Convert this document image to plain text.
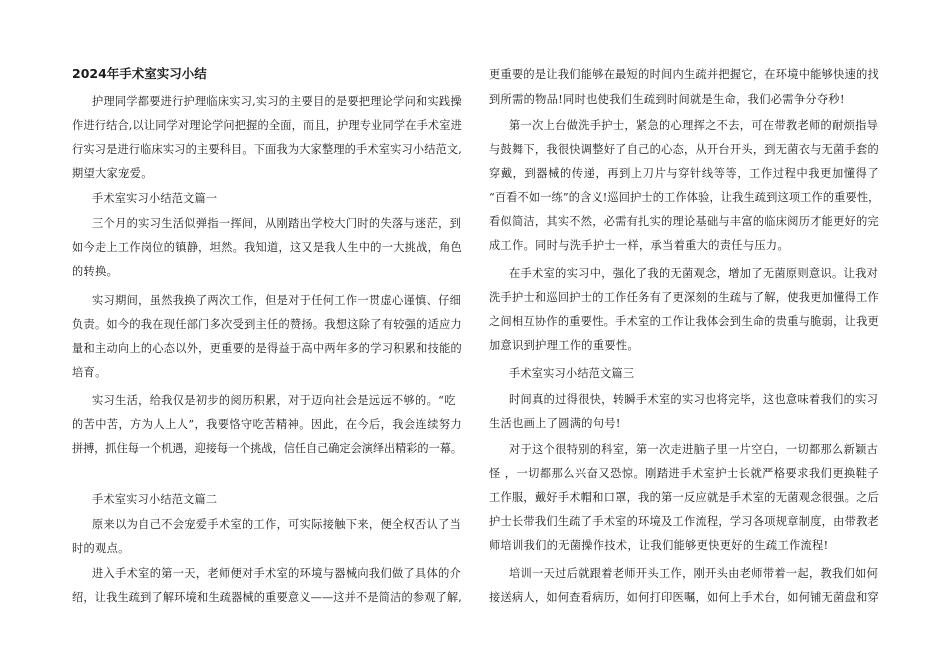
2024年手术室实习小结
护理同学都要进行护理临床实习,实习的主要目的是要把理论学问和实践操
作进行结合,以让同学对理论学问把握的全面，而且，护理专业同学在手术室进
行实习是进行临床实习的主要科目。下面我为大家整理的手术室实习小结范文,
期望大家宠爱。
手术室实习小结范文篇一
三个月的实习生活似弹指一挥间，从刚踏出学校大门时的失落与迷茫，到
如今走上工作岗位的镇静，坦然。我知道，这又是我人生中的一大挑战，角色
的转换。
实习期间，虽然我换了两次工作，但是对于任何工作一贯虚心谨慎、仔细
负责。如今的我在现任部门多次受到主任的赞扬。我想这除了有较强的适应力
量和主动向上的心态以外，更重要的是得益于高中两年多的学习积累和技能的
培育。
实习生活，给我仅是初步的阅历积累，对于迈向社会是远远不够的。“吃
的苦中苦，方为人上人”，我要恪守吃苦精神。因此，在今后，我会连续努力
拼搏，抓住每一个机遇，迎接每一个挑战，信任自己确定会演绎出精彩的一幕。
手术室实习小结范文篇二
原来以为自己不会宠爱手术室的工作，可实际接触下来，便全权否认了当
时的观点。
进入手术室的第一天，老师便对手术室的环境与器械向我们做了具体的介
绍，让我生疏到了解环境和生疏器械的重要意义——这并不是简洁的参观了解,
更重要的是让我们能够在最短的时间内生疏并把握它，在环境中能够快速的找
到所需的物品!同时也使我们生疏到时间就是生命，我们必需争分夺秒!
第一次上台做洗手护士，紧急的心理挥之不去，可在带教老师的耐烦指导
与鼓舞下，我很快调整好了自己的心态，从开台开头，到无菌衣与无菌手套的
穿戴，到器械的传递，再到上刀片与穿针线等等，工作过程中我更加懂得了
“百看不如一练”的含义!巡回护士的工作体验，让我生疏到这项工作的重要性，
看似简洁，其实不然，必需有扎实的理论基础与丰富的临床阅历才能更好的完
成工作。同时与洗手护士一样，承当着重大的责任与压力。
在手术室的实习中，强化了我的无菌观念，增加了无菌原则意识。让我对
洗手护士和巡回护士的工作任务有了更深刻的生疏与了解，使我更加懂得工作
之间相互协作的重要性。手术室的工作让我体会到生命的贵重与脆弱，让我更
加意识到护理工作的重要性。
手术室实习小结范文篇三
时间真的过得很快，转瞬手术室的实习也将完毕，这也意味着我们的实习
生活也画上了圆满的句号!
对于这个很特别的科室，第一次走进脑子里一片空白，一切都那么新颖古
怪 ，一切都那么兴奋又恐惊。刚踏进手术室护士长就严格要求我们更换鞋子
工作服，戴好手术帽和口罩，我的第一反应就是手术室的无菌观念很强。之后
护士长带我们生疏了手术室的环境及工作流程，学习各项规章制度，由带教老
师培训我们的无菌操作技术，让我们能够更快更好的生疏工作流程!
培训一天过后就跟着老师开头工作，刚开头由老师带着一起，教我们如何
接送病人，如何查看病历，如何打印医嘱，如何上手术台，如何铺无菌盘和穿
